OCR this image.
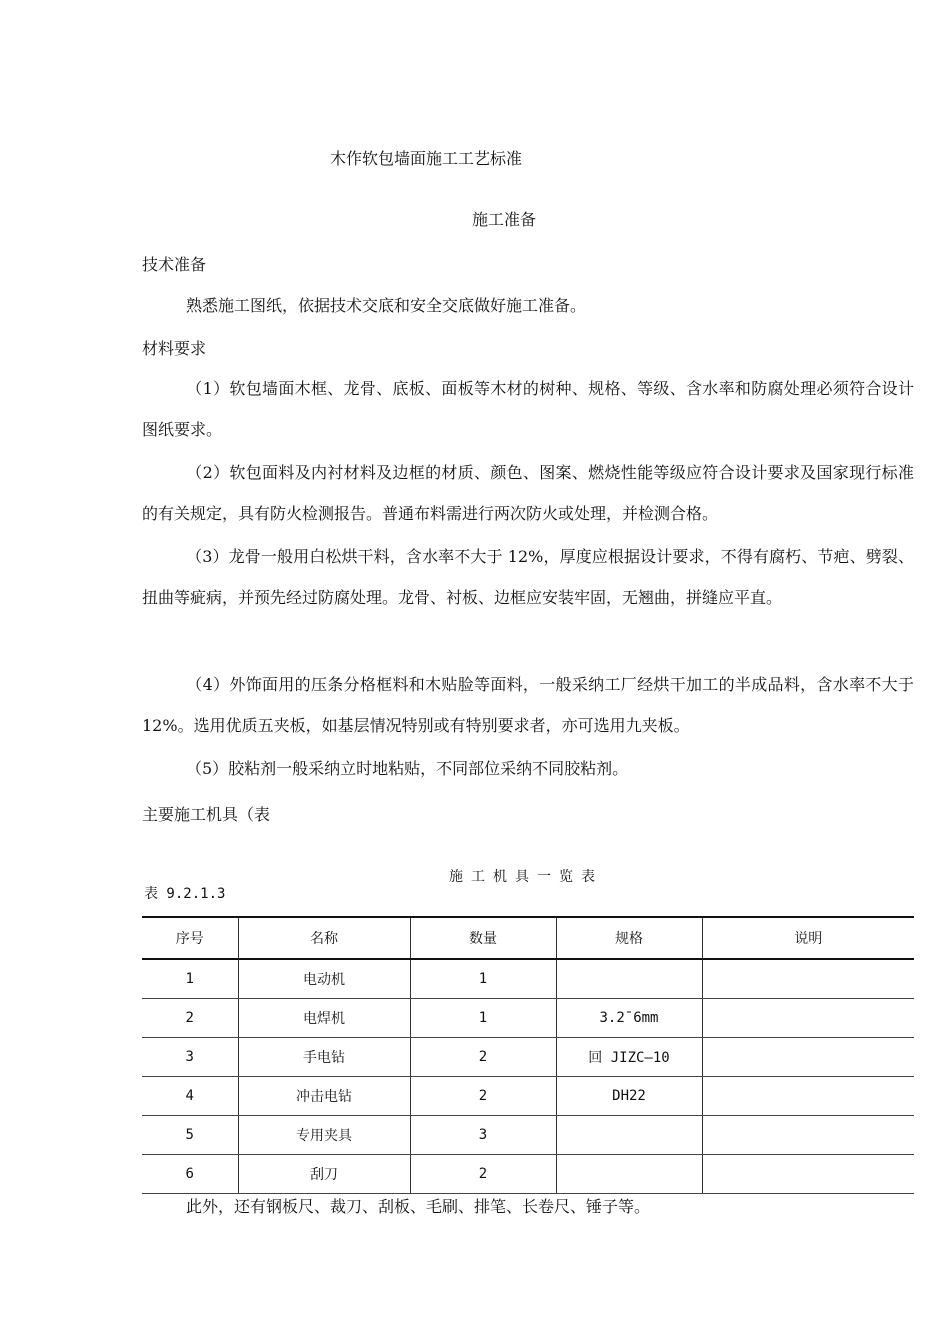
木作软包墙面施工工艺标准
施工准备
技术准备
熟悉施工图纸，依据技术交底和安全交底做好施工准备。
材料要求
（1）软包墙面木框、龙骨、底板、面板等木材的树种、规格、等级、含水率和防腐处理必须符合设计图纸要求。
（2）软包面料及内衬材料及边框的材质、颜色、图案、燃烧性能等级应符合设计要求及国家现行标准的有关规定，具有防火检测报告。普通布料需进行两次防火或处理，并检测合格。
（3）龙骨一般用白松烘干料，含水率不大于 12%，厚度应根据设计要求，不得有腐朽、节疤、劈裂、扭曲等疵病，并预先经过防腐处理。龙骨、衬板、边框应安装牢固，无翘曲，拼缝应平直。
（4）外饰面用的压条分格框料和木贴脸等面料，一般采纳工厂经烘干加工的半成品料，含水率不大于 12%。选用优质五夹板，如基层情况特别或有特别要求者，亦可选用九夹板。
（5）胶粘剂一般采纳立时地粘贴，不同部位采纳不同胶粘剂。
主要施工机具（表
施工机具一览表
表 9.2.1.3
序号	名称	数量	规格	说明
1	电动机	1		
2	电焊机	1	3.2¯6mm	
3	手电钻	2	回 JIZC—10	
4	冲击电钻	2	DH22	
5	专用夹具	3		
6	刮刀	2		
此外，还有钢板尺、裁刀、刮板、毛刷、排笔、长卷尺、锤子等。
